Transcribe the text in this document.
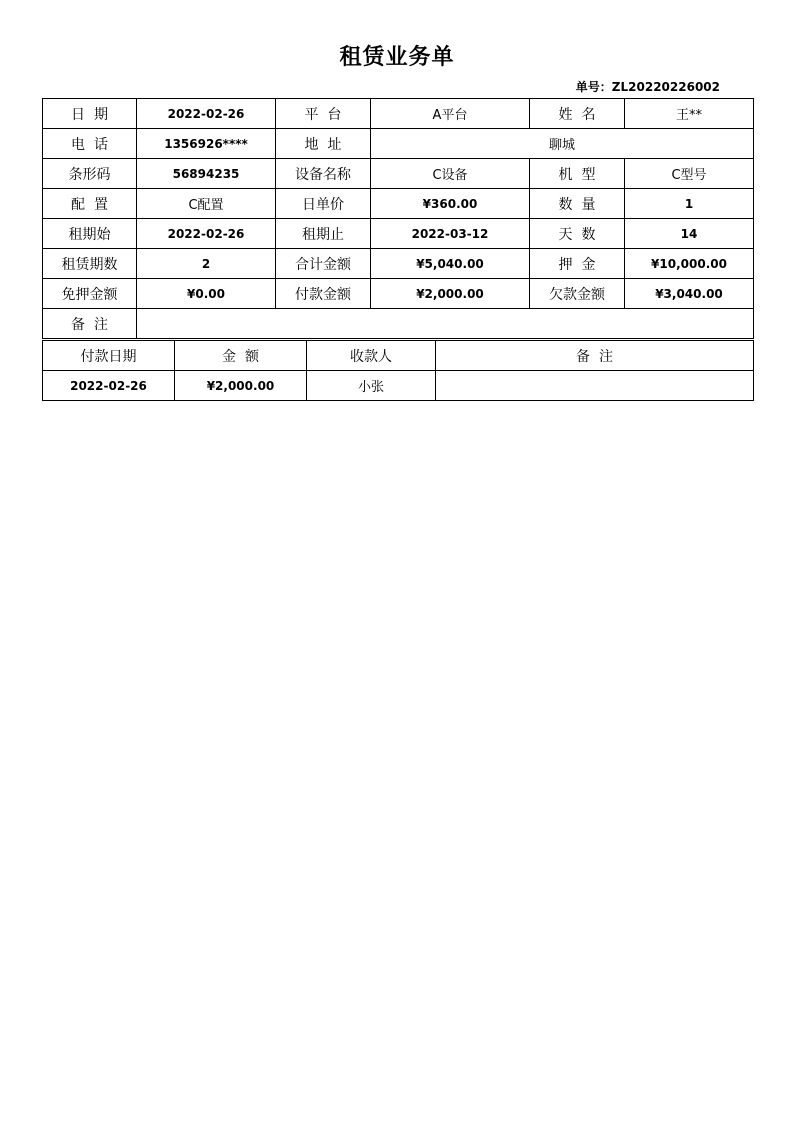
租赁业务单
单号：ZL20220226002
日  期	2022-02-26	平  台	A平台	姓  名	王**
电  话	1356926****	地  址	聊城		
条形码	56894235	设备名称	C设备	机  型	C型号
配  置	C配置	日单价	¥360.00	数  量	1
租期始	2022-02-26	租期止	2022-03-12	天  数	14
租赁期数	2	合计金额	¥5,040.00	押  金	¥10,000.00
免押金额	¥0.00	付款金额	¥2,000.00	欠款金额	¥3,040.00
备  注					
付款日期	金  额	收款人	备  注
2022-02-26	¥2,000.00	小张	
